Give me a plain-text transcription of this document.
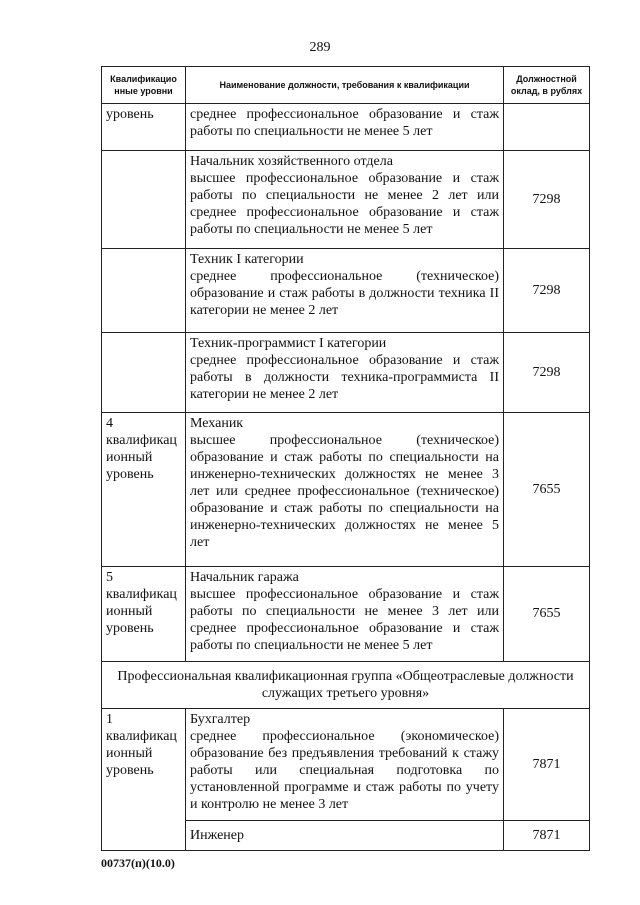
289
Квалификацио нные уровни	Наименование должности, требования к квалификации	Должностной оклад, в рублях
уровень	среднее профессиональное образование и стаж работы по специальности не менее 5 лет	

	Начальник хозяйственного отдела
высшее профессиональное образование и стаж работы по специальности не менее 2 лет или среднее профессиональное образование и стаж работы по специальности не менее 5 лет	7298

	Техник I категории
среднее профессиональное (техническое) образование и стаж работы в должности техника II категории не менее 2 лет	7298

	Техник-программист I категории
среднее профессиональное образование и стаж работы в должности техника-программиста II категории не менее 2 лет	7298
4 квалификац ионный уровень	Механик
высшее профессиональное (техническое) образование и стаж работы по специальности на инженерно-технических должностях не менее 3 лет или среднее профессиональное (техническое) образование и стаж работы по специальности на инженерно-технических должностях не менее 5 лет	7655
5 квалификац ионный уровень	Начальник гаража
высшее профессиональное образование и стаж работы по специальности не менее 3 лет или среднее профессиональное образование и стаж работы по специальности не менее 5 лет	7655
Профессиональная квалификационная группа «Общеотраслевые должности служащих третьего уровня»		
1 квалификац ионный уровень	Бухгалтер
среднее профессиональное (экономическое) образование без предъявления требований к стажу работы или специальная подготовка по установленной программе и стаж работы по учету и контролю не менее 3 лет	7871

	Инженер	7871
00737(п)(10.0)
